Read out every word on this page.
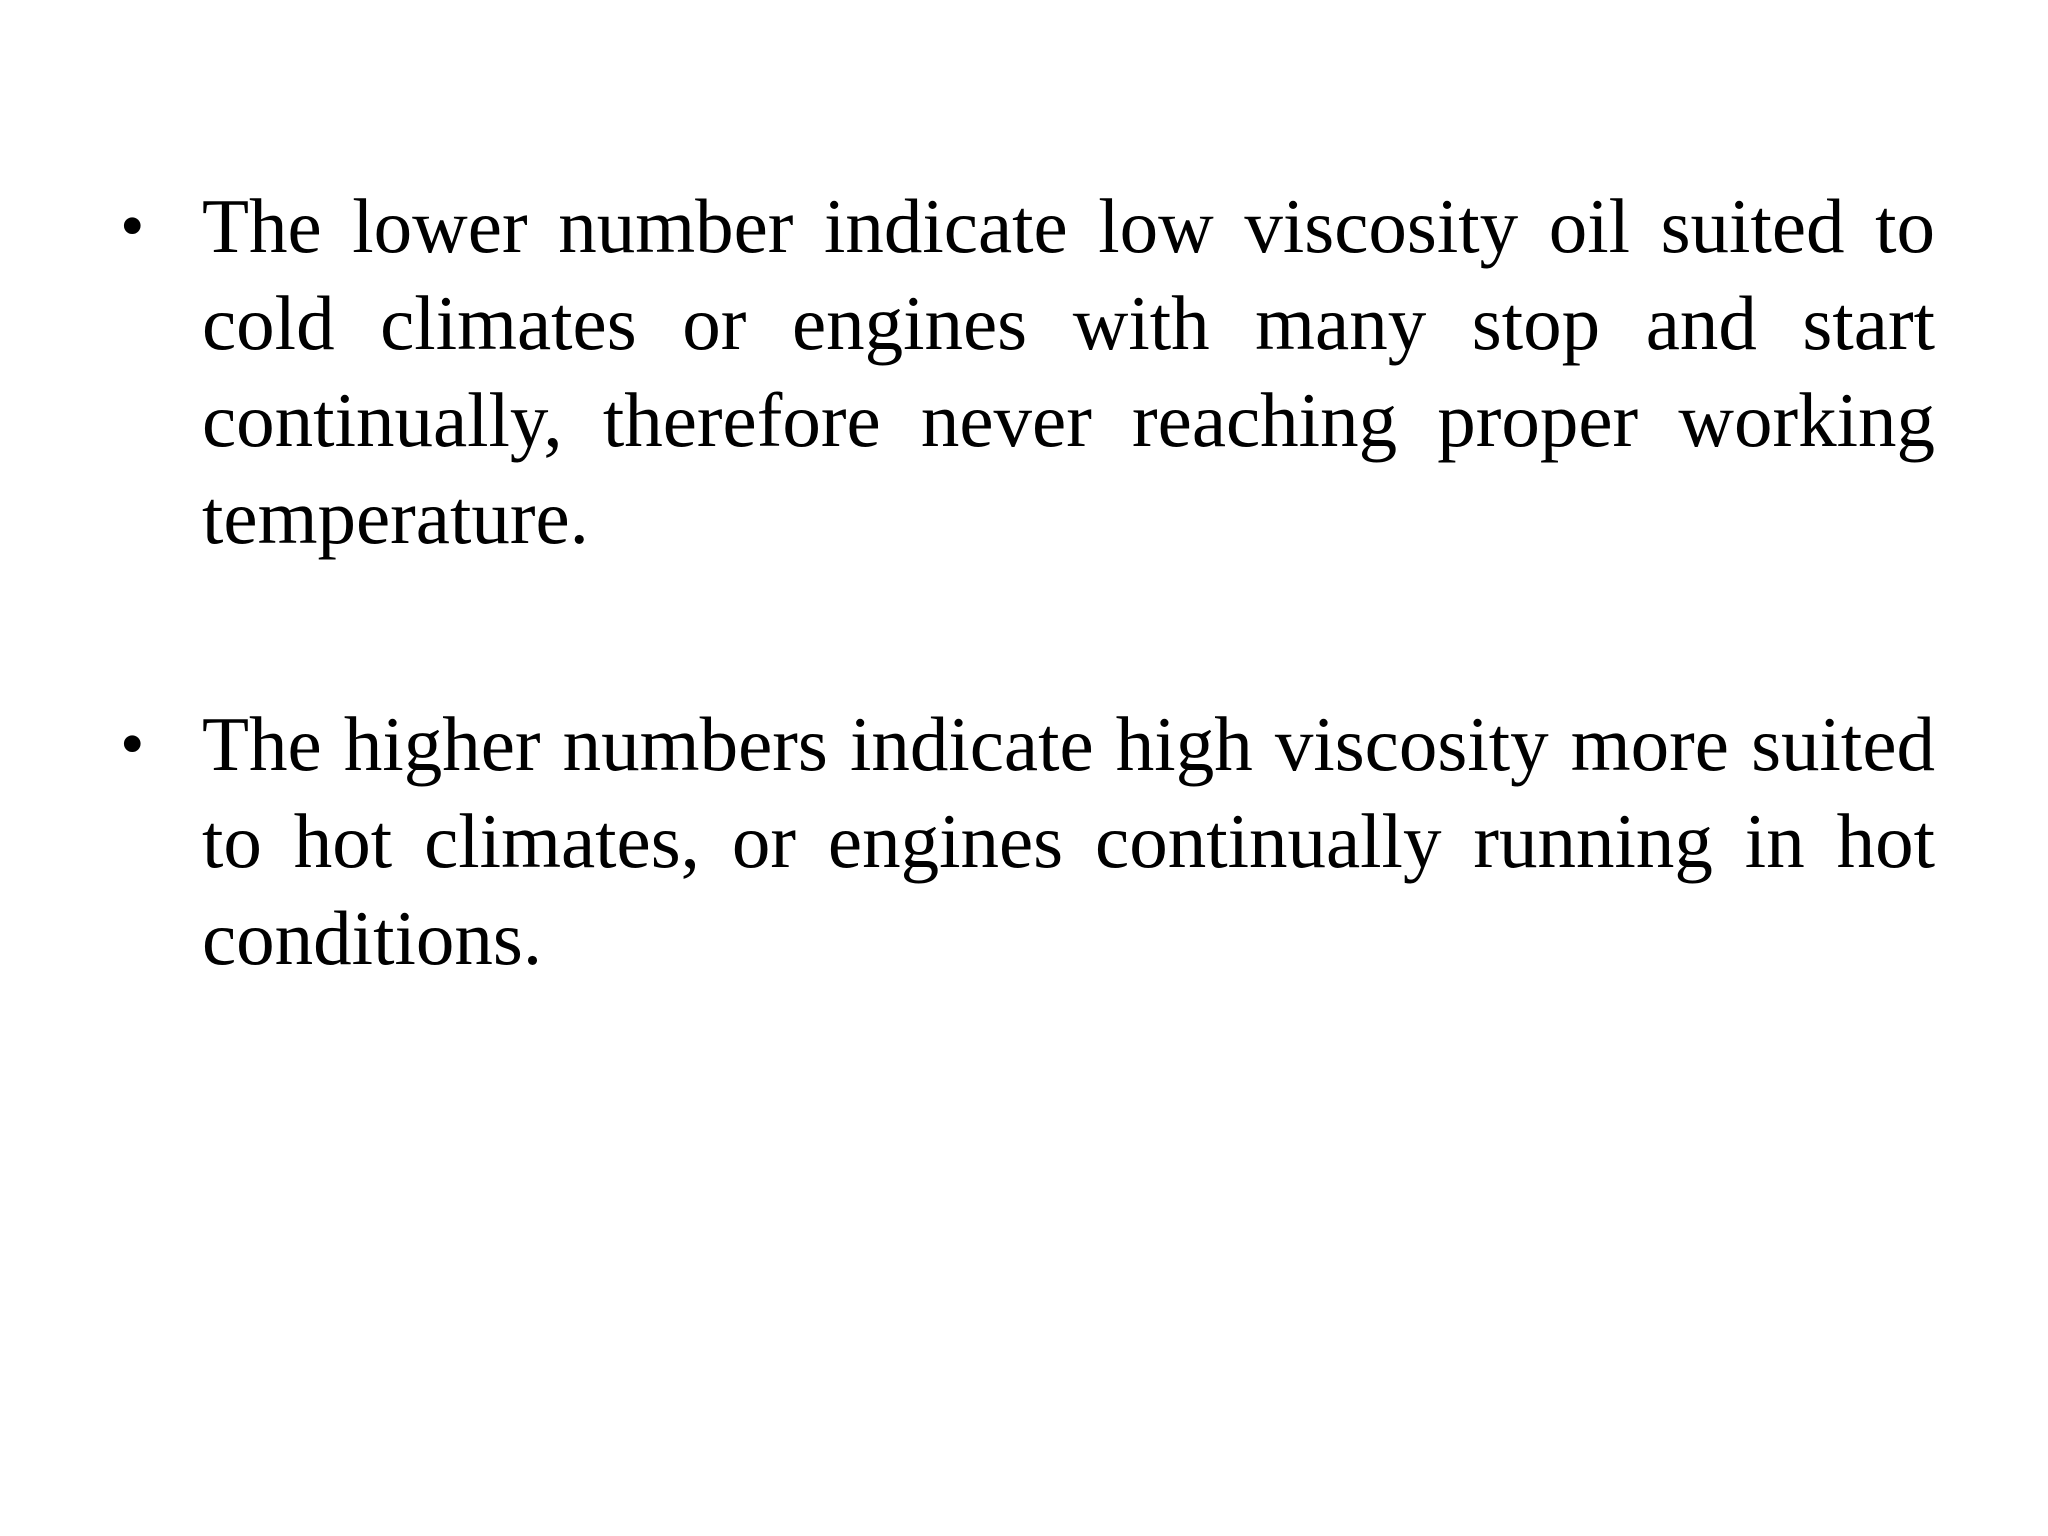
• The lower number indicate low viscosity oil suited to cold climates or engines with many stop and start continually, therefore never reaching proper working temperature.
• The higher numbers indicate high viscosity more suited to hot climates, or engines continually running in hot conditions.
